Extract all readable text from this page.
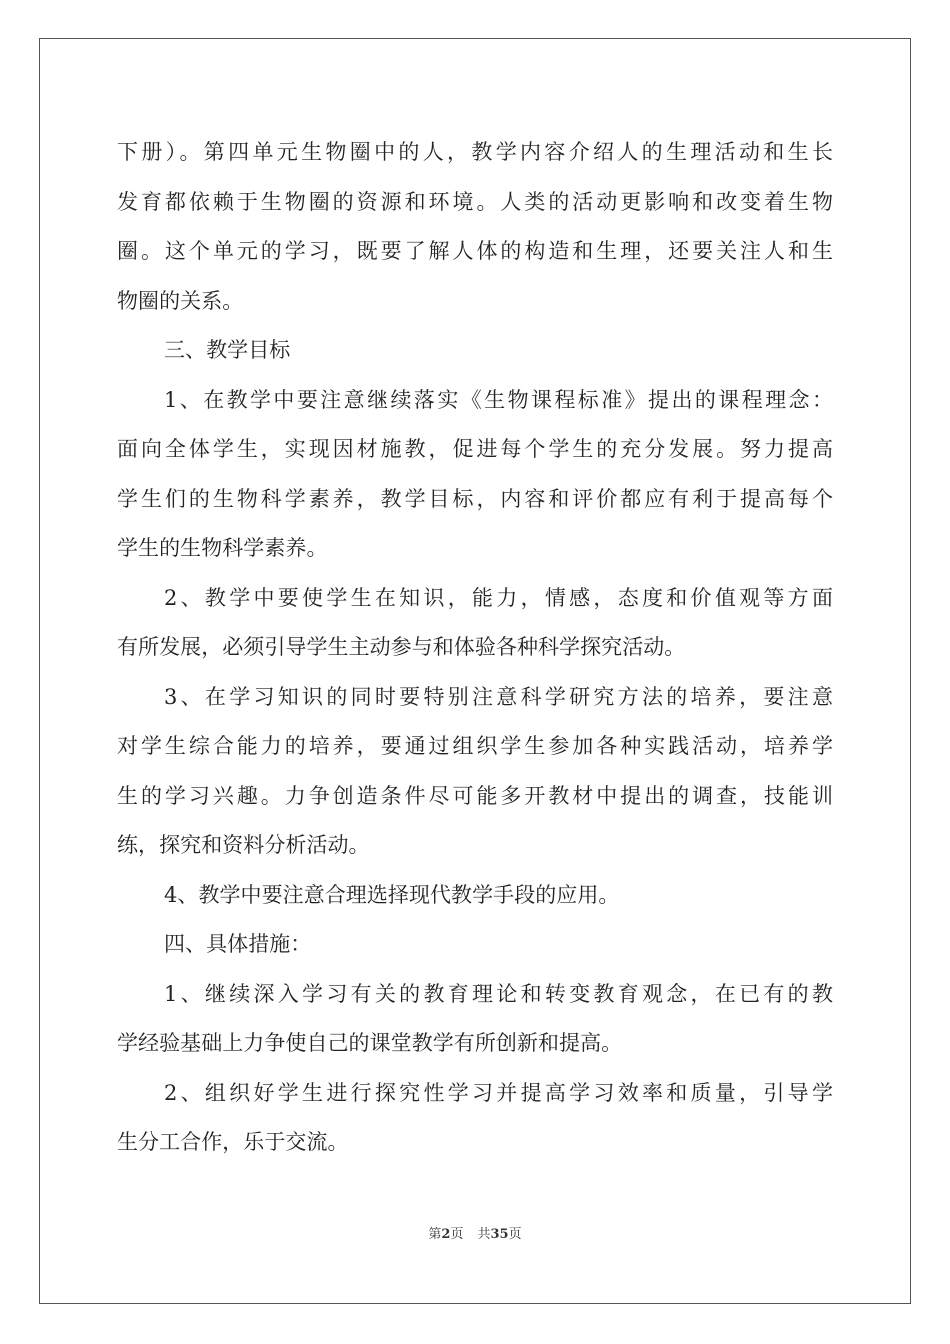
下册）。第四单元生物圈中的人，教学内容介绍人的生理活动和生长
发育都依赖于生物圈的资源和环境。人类的活动更影响和改变着生物
圈。这个单元的学习，既要了解人体的构造和生理，还要关注人和生
物圈的关系。
三、教学目标
1、在教学中要注意继续落实《生物课程标准》提出的课程理念：
面向全体学生，实现因材施教，促进每个学生的充分发展。努力提高
学生们的生物科学素养，教学目标，内容和评价都应有利于提高每个
学生的生物科学素养。
2、教学中要使学生在知识，能力，情感，态度和价值观等方面
有所发展，必须引导学生主动参与和体验各种科学探究活动。
3、在学习知识的同时要特别注意科学研究方法的培养，要注意
对学生综合能力的培养，要通过组织学生参加各种实践活动，培养学
生的学习兴趣。力争创造条件尽可能多开教材中提出的调查，技能训
练，探究和资料分析活动。
4、教学中要注意合理选择现代教学手段的应用。
四、具体措施：
1、继续深入学习有关的教育理论和转变教育观念，在已有的教
学经验基础上力争使自己的课堂教学有所创新和提高。
2、组织好学生进行探究性学习并提高学习效率和质量，引导学
生分工合作，乐于交流。
第2页 共35页
